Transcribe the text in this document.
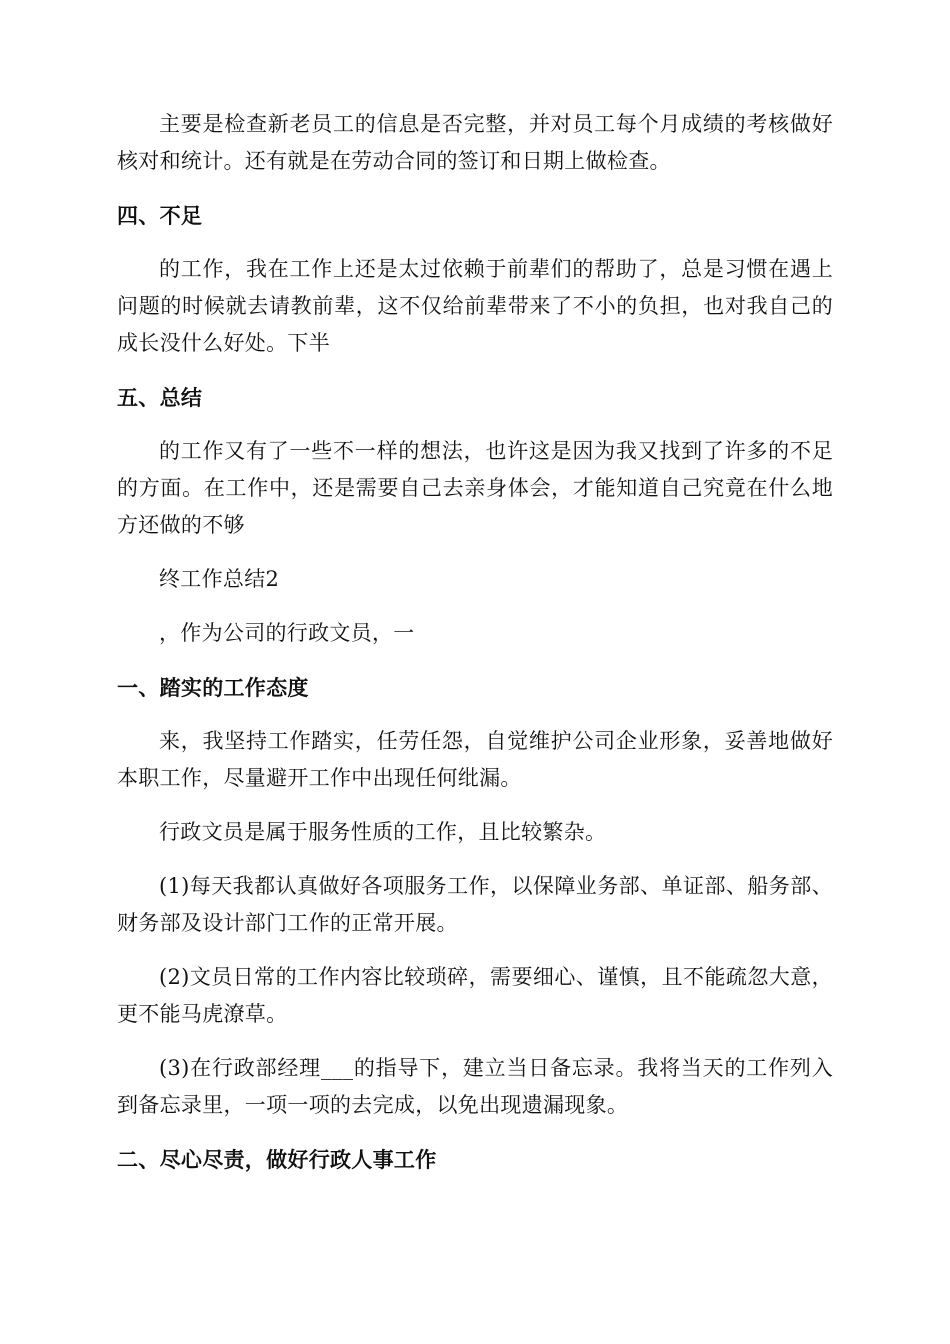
主要是检查新老员工的信息是否完整，并对员工每个月成绩的考核做好核对和统计。还有就是在劳动合同的签订和日期上做检查。

四、不足

的工作，我在工作上还是太过依赖于前辈们的帮助了，总是习惯在遇上问题的时候就去请教前辈，这不仅给前辈带来了不小的负担，也对我自己的成长没什么好处。下半

五、总结

的工作又有了一些不一样的想法，也许这是因为我又找到了许多的不足的方面。在工作中，还是需要自己去亲身体会，才能知道自己究竟在什么地方还做的不够

终工作总结2

，作为公司的行政文员，一

一、踏实的工作态度

来，我坚持工作踏实，任劳任怨，自觉维护公司企业形象，妥善地做好本职工作，尽量避开工作中出现任何纰漏。

行政文员是属于服务性质的工作，且比较繁杂。

(1)每天我都认真做好各项服务工作，以保障业务部、单证部、船务部、财务部及设计部门工作的正常开展。

(2)文员日常的工作内容比较琐碎，需要细心、谨慎，且不能疏忽大意，更不能马虎潦草。

(3)在行政部经理___的指导下，建立当日备忘录。我将当天的工作列入到备忘录里，一项一项的去完成，以免出现遗漏现象。

二、尽心尽责，做好行政人事工作
